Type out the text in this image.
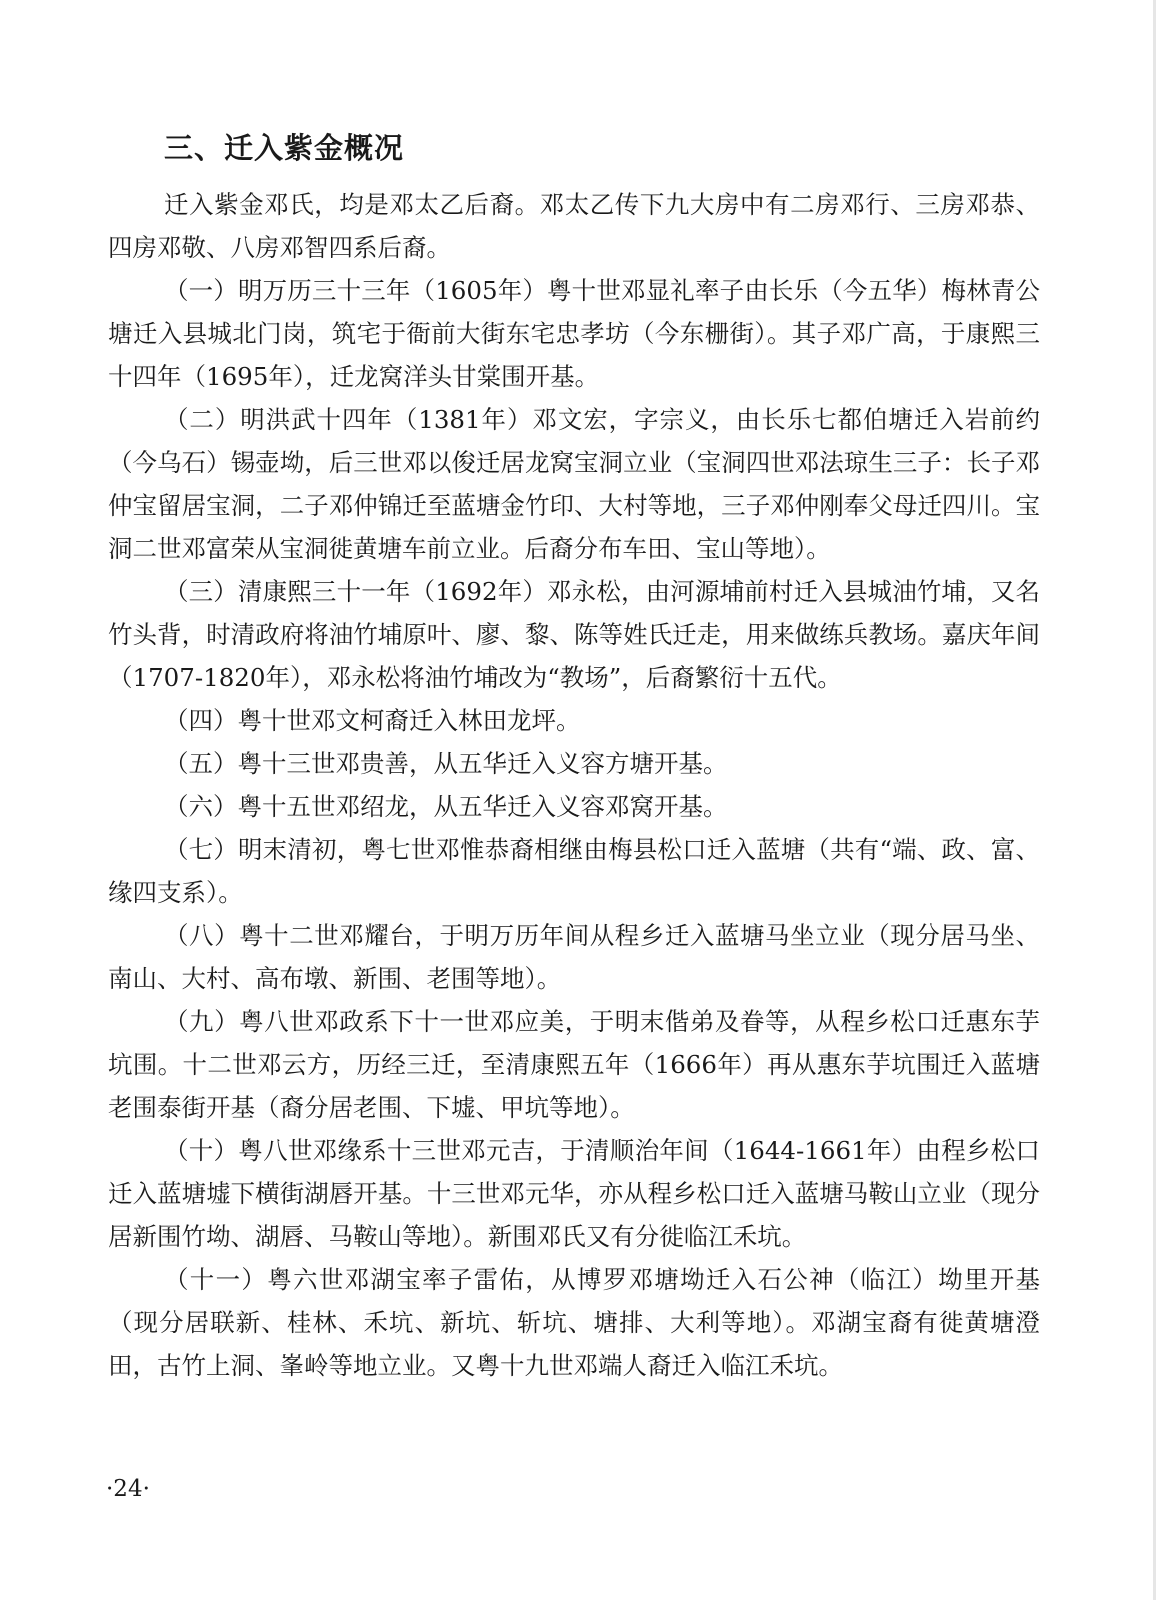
三、迁入紫金概况

迁入紫金邓氏，均是邓太乙后裔。邓太乙传下九大房中有二房邓行、三房邓恭、四房邓敬、八房邓智四系后裔。

（一）明万历三十三年（1605年）粤十世邓显礼率子由长乐（今五华）梅林青公塘迁入县城北门岗，筑宅于衙前大街东宅忠孝坊（今东栅街）。其子邓广高，于康熙三十四年（1695年），迁龙窝洋头甘棠围开基。

（二）明洪武十四年（1381年）邓文宏，字宗义，由长乐七都伯塘迁入岩前约（今乌石）锡壶坳，后三世邓以俊迁居龙窝宝洞立业（宝洞四世邓法琼生三子：长子邓仲宝留居宝洞，二子邓仲锦迁至蓝塘金竹印、大村等地，三子邓仲刚奉父母迁四川。宝洞二世邓富荣从宝洞徙黄塘车前立业。后裔分布车田、宝山等地）。

（三）清康熙三十一年（1692年）邓永松，由河源埔前村迁入县城油竹埔，又名竹头背，时清政府将油竹埔原叶、廖、黎、陈等姓氏迁走，用来做练兵教场。嘉庆年间（1707-1820年），邓永松将油竹埔改为“教场”，后裔繁衍十五代。

（四）粤十世邓文柯裔迁入林田龙坪。

（五）粤十三世邓贵善，从五华迁入义容方塘开基。

（六）粤十五世邓绍龙，从五华迁入义容邓窝开基。

（七）明末清初，粤七世邓惟恭裔相继由梅县松口迁入蓝塘（共有“端、政、富、缘四支系）。

（八）粤十二世邓耀台，于明万历年间从程乡迁入蓝塘马坐立业（现分居马坐、南山、大村、高布墩、新围、老围等地）。

（九）粤八世邓政系下十一世邓应美，于明末偕弟及眷等，从程乡松口迁惠东芋坑围。十二世邓云方，历经三迁，至清康熙五年（1666年）再从惠东芋坑围迁入蓝塘老围泰街开基（裔分居老围、下墟、甲坑等地）。

（十）粤八世邓缘系十三世邓元吉，于清顺治年间（1644-1661年）由程乡松口迁入蓝塘墟下横街湖唇开基。十三世邓元华，亦从程乡松口迁入蓝塘马鞍山立业（现分居新围竹坳、湖唇、马鞍山等地）。新围邓氏又有分徙临江禾坑。

（十一）粤六世邓湖宝率子雷佑，从博罗邓塘坳迁入石公神（临江）坳里开基（现分居联新、桂林、禾坑、新坑、斩坑、塘排、大利等地）。邓湖宝裔有徙黄塘澄田，古竹上洞、峯岭等地立业。又粤十九世邓端人裔迁入临江禾坑。

·24·
